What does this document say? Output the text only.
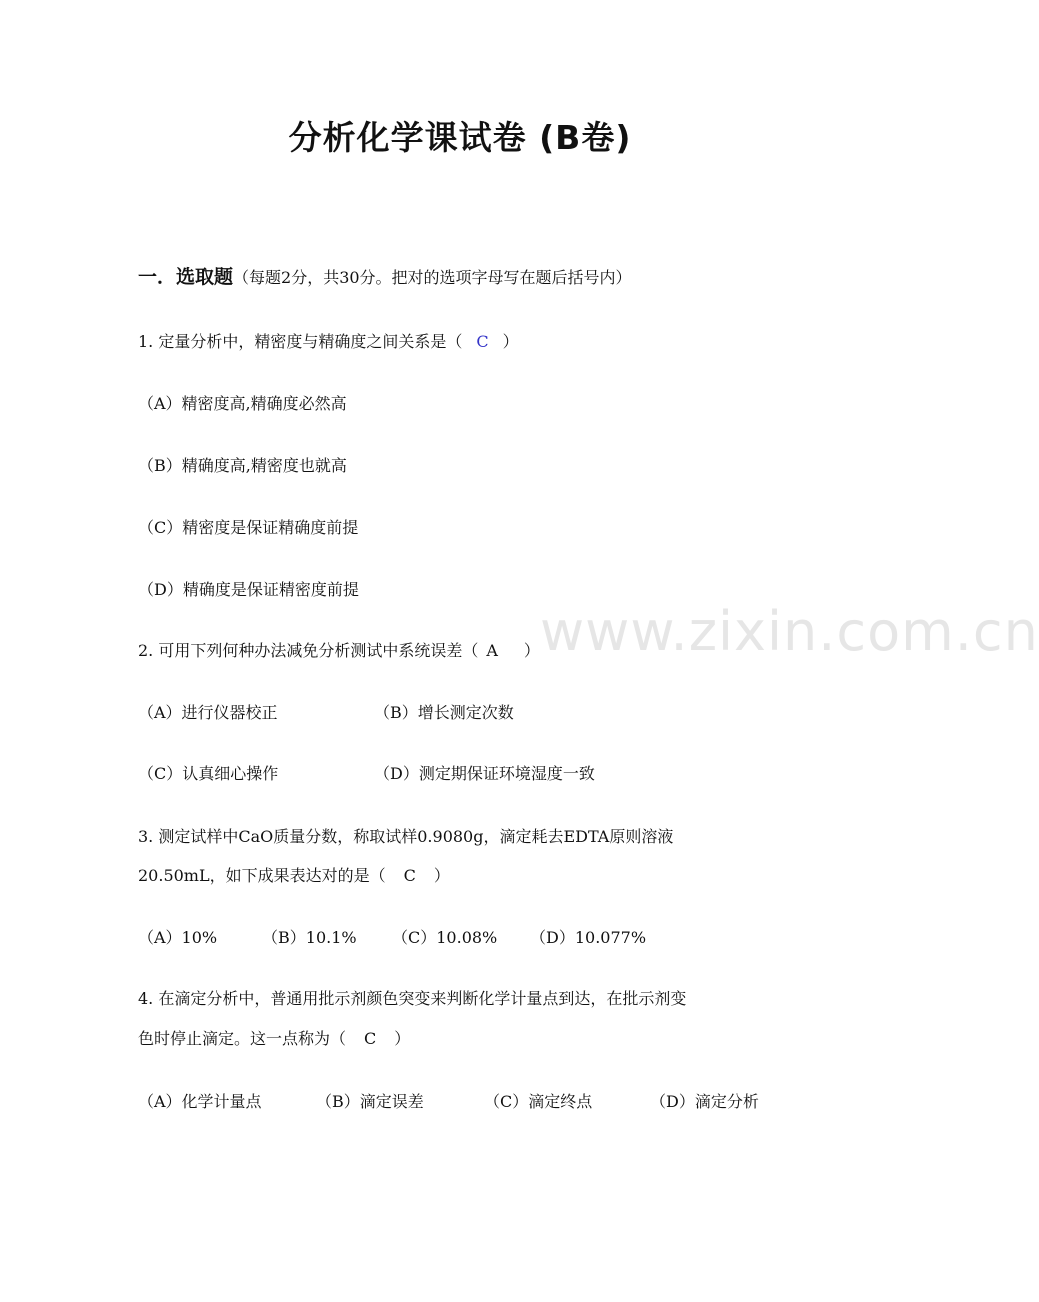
www.zixin.com.cn
分析化学课试卷 (B卷)
一．选取题（每题2分，共30分。把对的选项字母写在题后括号内）
1. 定量分析中，精密度与精确度之间关系是（ C ）
（A）精密度高,精确度必然高
（B）精确度高,精密度也就高
（C）精密度是保证精确度前提
（D）精确度是保证精密度前提
2. 可用下列何种办法减免分析测试中系统误差（ A ）
（A）进行仪器校正	（B）增长测定次数
（C）认真细心操作	（D）测定期保证环境湿度一致
3. 测定试样中CaO质量分数，称取试样0.9080g，滴定耗去EDTA原则溶液
20.50mL，如下成果表达对的是（ C ）
（A）10%	（B）10.1% （C）10.08% （D）10.077%
4. 在滴定分析中，普通用批示剂颜色突变来判断化学计量点到达，在批示剂变
色时停止滴定。这一点称为（ C ）
（A）化学计量点	（B）滴定误差	（C）滴定终点	（D）滴定分析
